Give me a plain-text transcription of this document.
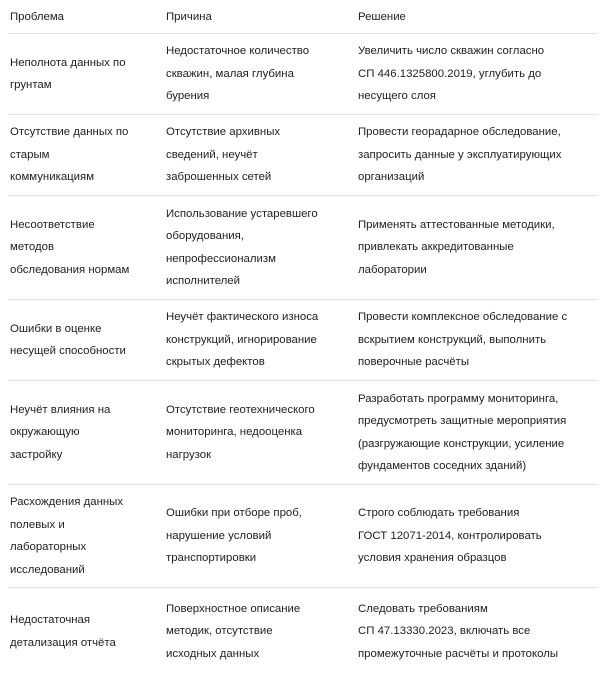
Проблема	Причина	Решение
Неполнота данных по
грунтам
Недостаточное количество
скважин, малая глубина
бурения
Увеличить число скважин согласно
СП 446.1325800.2019, углубить до
несущего слоя
Отсутствие данных по
старым
коммуникациям
Отсутствие архивных
сведений, неучёт
заброшенных сетей
Провести георадарное обследование,
запросить данные у эксплуатирующих
организаций
Несоответствие
методов
обследования нормам
Использование устаревшего
оборудования,
непрофессионализм
исполнителей
Применять аттестованные методики,
привлекать аккредитованные
лаборатории
Ошибки в оценке
несущей способности
Неучёт фактического износа
конструкций, игнорирование
скрытых дефектов
Провести комплексное обследование с
вскрытием конструкций, выполнить
поверочные расчёты
Неучёт влияния на
окружающую
застройку
Отсутствие геотехнического
мониторинга, недооценка
нагрузок
Разработать программу мониторинга,
предусмотреть защитные мероприятия
(разгружающие конструкции, усиление
фундаментов соседних зданий)
Расхождения данных
полевых и
лабораторных
исследований
Ошибки при отборе проб,
нарушение условий
транспортировки
Строго соблюдать требования
ГОСТ 12071-2014, контролировать
условия хранения образцов
Недостаточная
детализация отчёта
Поверхностное описание
методик, отсутствие
исходных данных
Следовать требованиям
СП 47.13330.2023, включать все
промежуточные расчёты и протоколы
